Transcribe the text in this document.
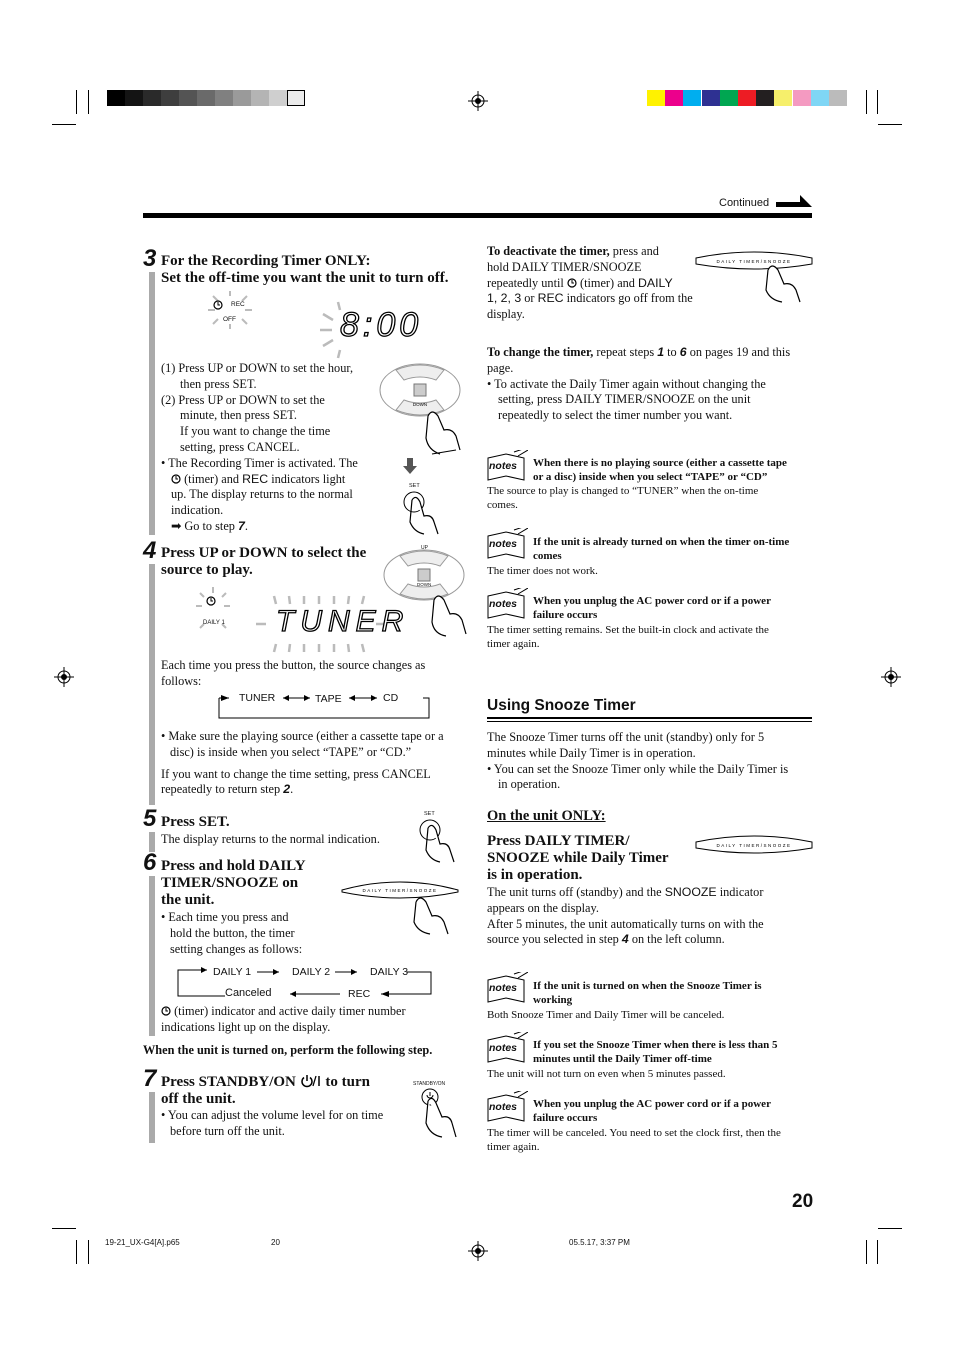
Continued
3 For the Recording Timer ONLY:
Set the off-time you want the unit to turn off.
REC
OFF	8:00
DOWN
SET
(1) Press UP or DOWN to set the hour,
then press SET.
(2) Press UP or DOWN to set the
minute, then press SET.
If you want to change the time
setting, press CANCEL.
• The Recording Timer is activated. The
(timer) and REC indicators light
up. The display returns to the normal
indication.
➡ Go to step 7.
4 Press UP or DOWN to select the
source to play.
UP
DOWN
DAILY 1 TUNER
Each time you press the button, the source changes as
follows:
TUNER	TAPE	CD
• Make sure the playing source (either a cassette tape or a
disc) is inside when you select “TAPE” or “CD.”
If you want to change the time setting, press CANCEL
repeatedly to return step 2.
5 Press SET.
The display returns to the normal indication.
SET
6 Press and hold DAILY
TIMER/SNOOZE on
the unit.
DAILY TIMER/SNOOZE
• Each time you press and
hold the button, the timer
setting changes as follows:
DAILY 1	DAILY 2	DAILY 3
Canceled	REC
(timer) indicator and active daily timer number
indications light up on the display.
When the unit is turned on, perform the following step.
7 Press STANDBY/ON to turn
off the unit.
STANDBY/ON
• You can adjust the volume level for on time
before turn off the unit.
To deactivate the timer, press and
hold DAILY TIMER/SNOOZE
repeatedly until (timer) and DAILY
1, 2, 3 or REC indicators go off from the
display.
DAILY TIMER/SNOOZE
To change the timer, repeat steps 1 to 6 on pages 19 and this
page.
• To activate the Daily Timer again without changing the
setting, press DAILY TIMER/SNOOZE on the unit
repeatedly to select the timer number you want.
notes When there is no playing source (either a cassette tape
or a disc) inside when you select “TAPE” or “CD”
The source to play is changed to “TUNER” when the on-time
comes.
notes If the unit is already turned on when the timer on-time
comes
The timer does not work.
notes When you unplug the AC power cord or if a power
failure occurs
The timer setting remains. Set the built-in clock and activate the
timer again.
Using Snooze Timer
The Snooze Timer turns off the unit (standby) only for 5
minutes while Daily Timer is in operation.
• You can set the Snooze Timer only while the Daily Timer is
in operation.
On the unit ONLY:
Press DAILY TIMER/
SNOOZE while Daily Timer
is in operation.
DAILY TIMER/SNOOZE
The unit turns off (standby) and the SNOOZE indicator
appears on the display.
After 5 minutes, the unit automatically turns on with the
source you selected in step 4 on the left column.
notes If the unit is turned on when the Snooze Timer is
working
Both Snooze Timer and Daily Timer will be canceled.
notes If you set the Snooze Timer when there is less than 5
minutes until the Daily Timer off-time
The unit will not turn on even when 5 minutes passed.
notes When you unplug the AC power cord or if a power
failure occurs
The timer will be canceled. You need to set the clock first, then the
timer again.
20
19-21_UX-G4[A].p65	20	05.5.17, 3:37 PM
